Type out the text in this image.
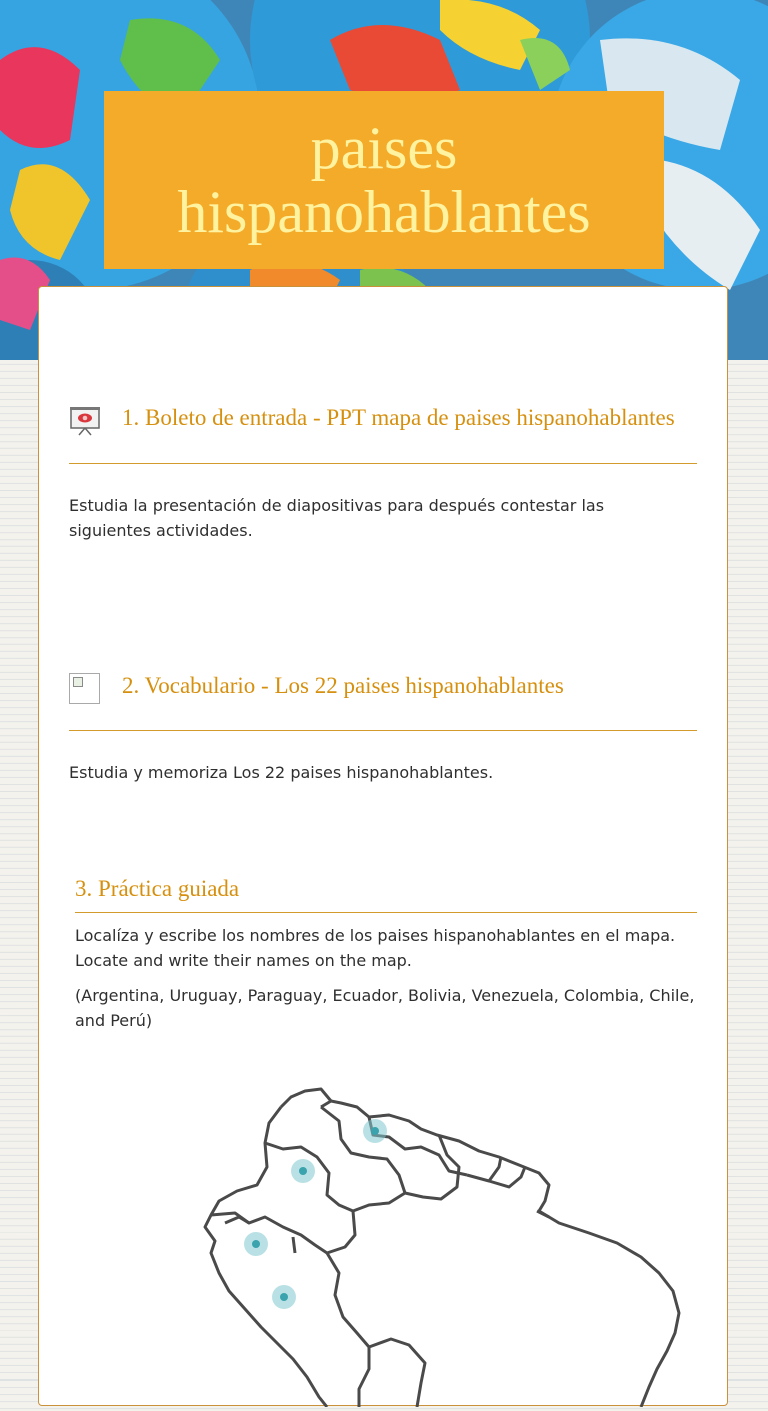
paises hispanohablantes
1. Boleto de entrada - PPT mapa de paises hispanohablantes

Estudia la presentación de diapositivas para después contestar las siguientes actividades.

2. Vocabulario - Los 22 paises hispanohablantes

Estudia y memoriza Los 22 paises hispanohablantes.

3. Práctica guiada

Localíza y escribe los nombres de los paises hispanohablantes en el mapa. Locate and write their names on the map.

(Argentina, Uruguay, Paraguay, Ecuador, Bolivia, Venezuela, Colombia, Chile, and Perú)
